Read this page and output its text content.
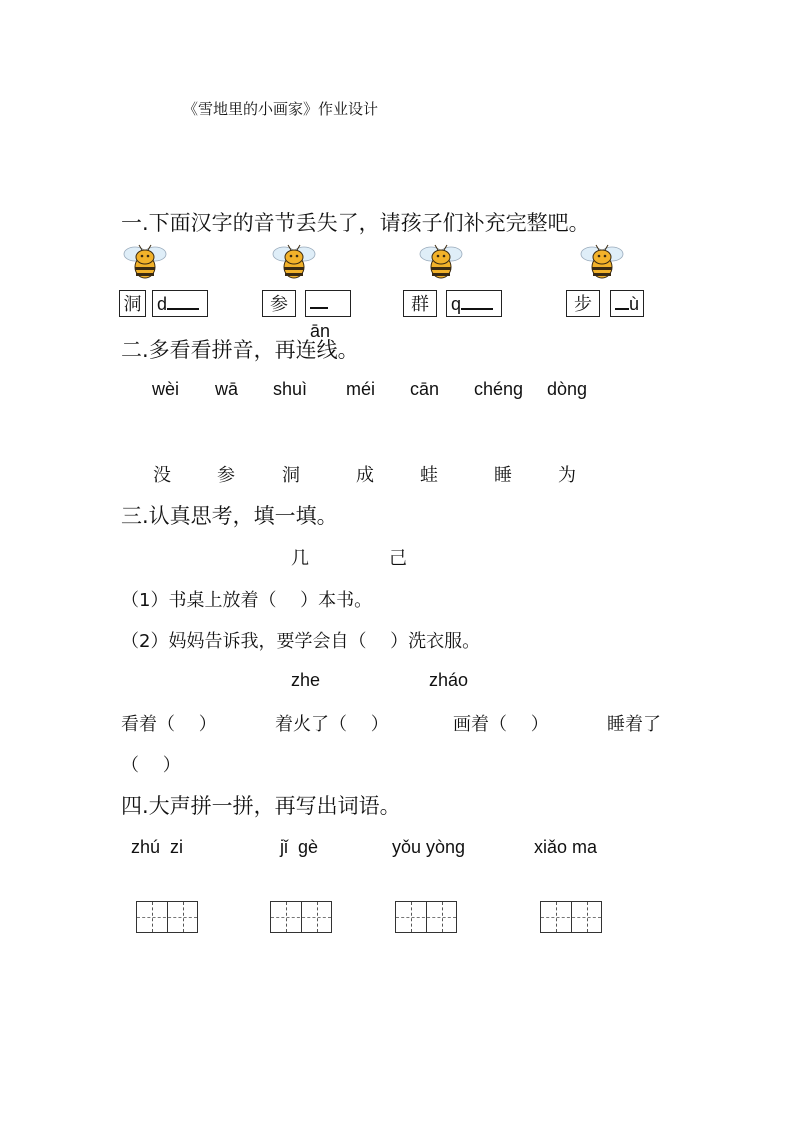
《雪地里的小画家》作业设计
一.下面汉字的音节丢失了，请孩子们补充完整吧。
洞 d	参
ān
群	q	步	ù
二.多看看拼音，再连线。
wèi wā shuì méi cān chéng dòng
没	参	洞	成	蛙	睡	为
三.认真思考，填一填。
几	己
（1）书桌上放着（　 ）本书。
（2）妈妈告诉我，要学会自（　 ）洗衣服。
zhe	zháo
看着（　 ）	着火了（　 ）	画着（　 ）	睡着了
（　 ）
四.大声拼一拼，再写出词语。
zhú  zi	jǐ  gè	yǒu yòng	xiǎo ma
